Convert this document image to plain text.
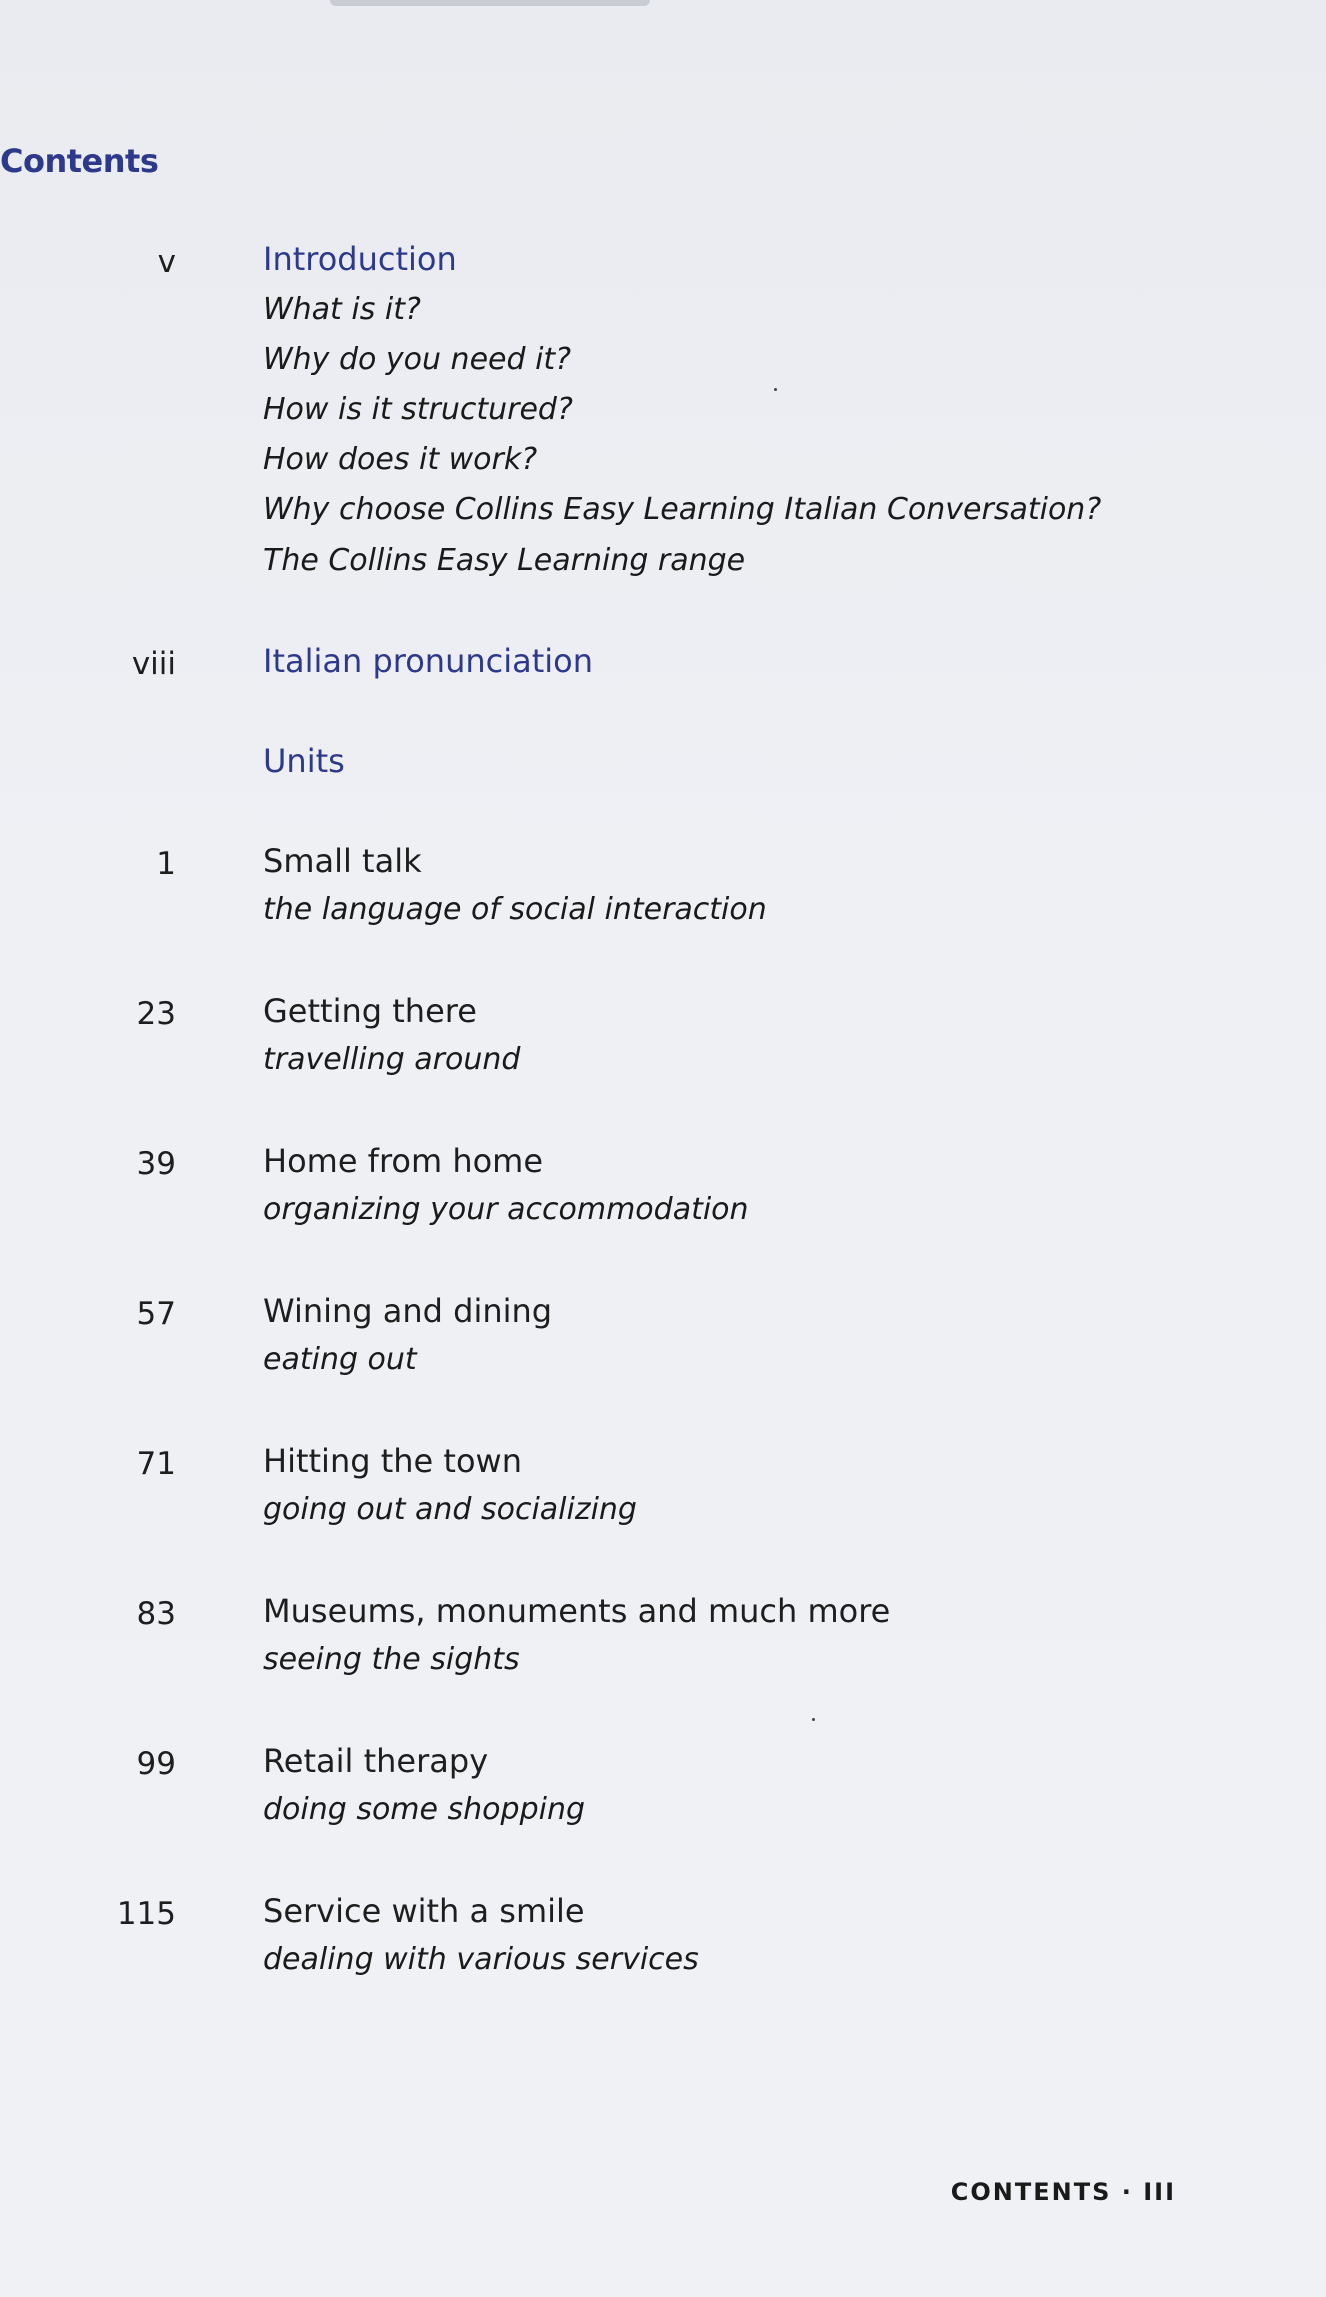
Contents
v	Introduction
What is it?
Why do you need it?
How is it structured?
How does it work?
Why choose Collins Easy Learning Italian Conversation?
The Collins Easy Learning range
viii	Italian pronunciation
Units
1	Small talk
the language of social interaction
23	Getting there
travelling around
39	Home from home
organizing your accommodation
57	Wining and dining
eating out
71	Hitting the town
going out and socializing
83	Museums, monuments and much more
seeing the sights
99	Retail therapy
doing some shopping
115	Service with a smile
dealing with various services
CONTENTS · III
